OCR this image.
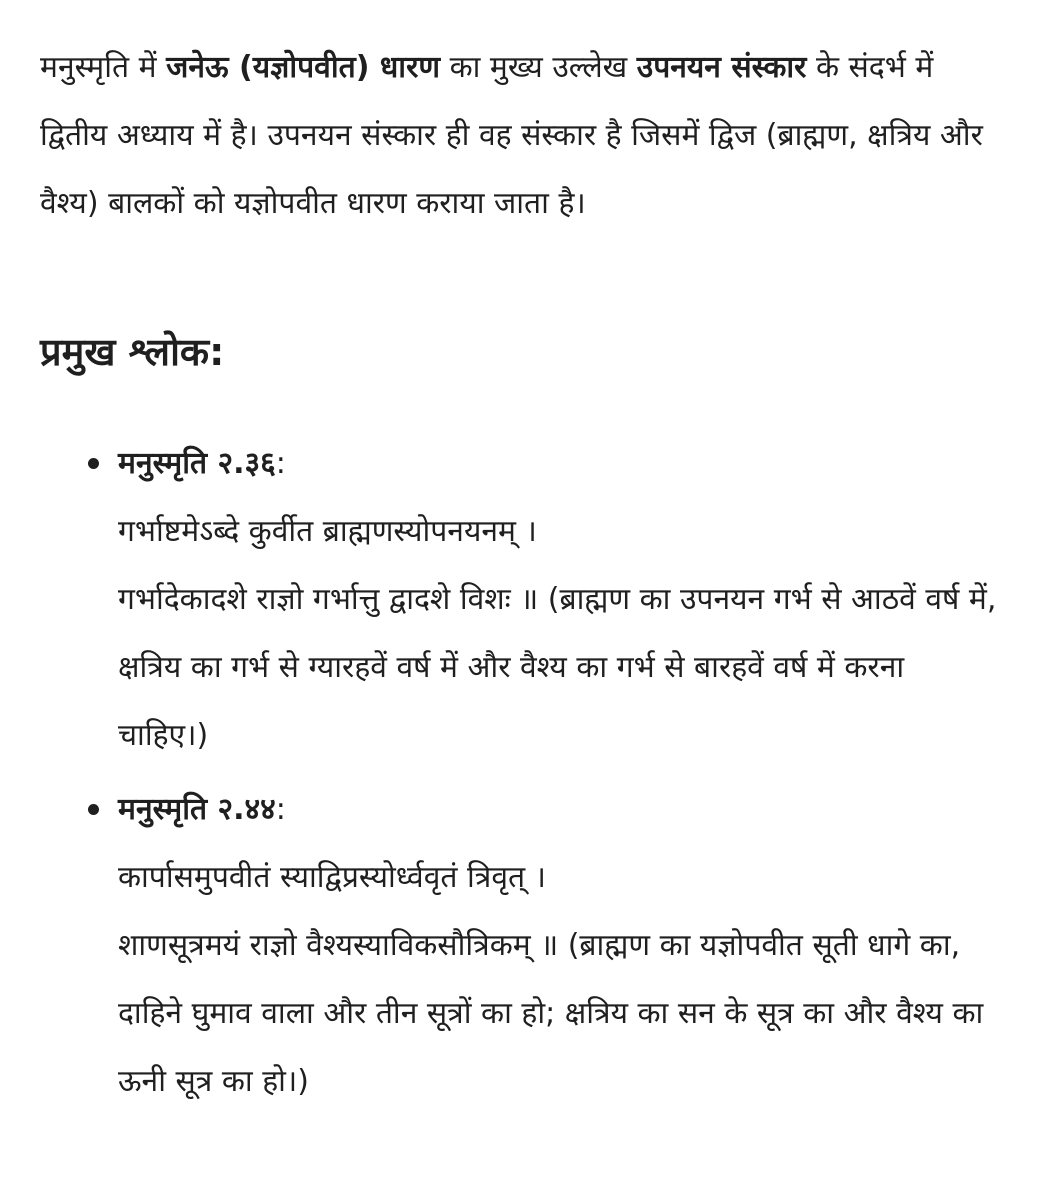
मनुस्मृति में जनेऊ (यज्ञोपवीत) धारण का मुख्य उल्लेख उपनयन संस्कार के संदर्भ में द्वितीय अध्याय में है। उपनयन संस्कार ही वह संस्कार है जिसमें द्विज (ब्राह्मण, क्षत्रिय और वैश्य) बालकों को यज्ञोपवीत धारण कराया जाता है।

प्रमुख श्लोक:
मनुस्मृति २.३६:
गर्भाष्टमेऽब्दे कुर्वीत ब्राह्मणस्योपनयनम् ।
गर्भादेकादशे राज्ञो गर्भात्तु द्वादशे विशः ॥ (ब्राह्मण का उपनयन गर्भ से आठवें वर्ष में, क्षत्रिय का गर्भ से ग्यारहवें वर्ष में और वैश्य का गर्भ से बारहवें वर्ष में करना चाहिए।)
मनुस्मृति २.४४:
कार्पासमुपवीतं स्याद्विप्रस्योर्ध्ववृतं त्रिवृत् ।
शाणसूत्रमयं राज्ञो वैश्यस्याविकसौत्रिकम् ॥ (ब्राह्मण का यज्ञोपवीत सूती धागे का, दाहिने घुमाव वाला और तीन सूत्रों का हो; क्षत्रिय का सन के सूत्र का और वैश्य का ऊनी सूत्र का हो।)
